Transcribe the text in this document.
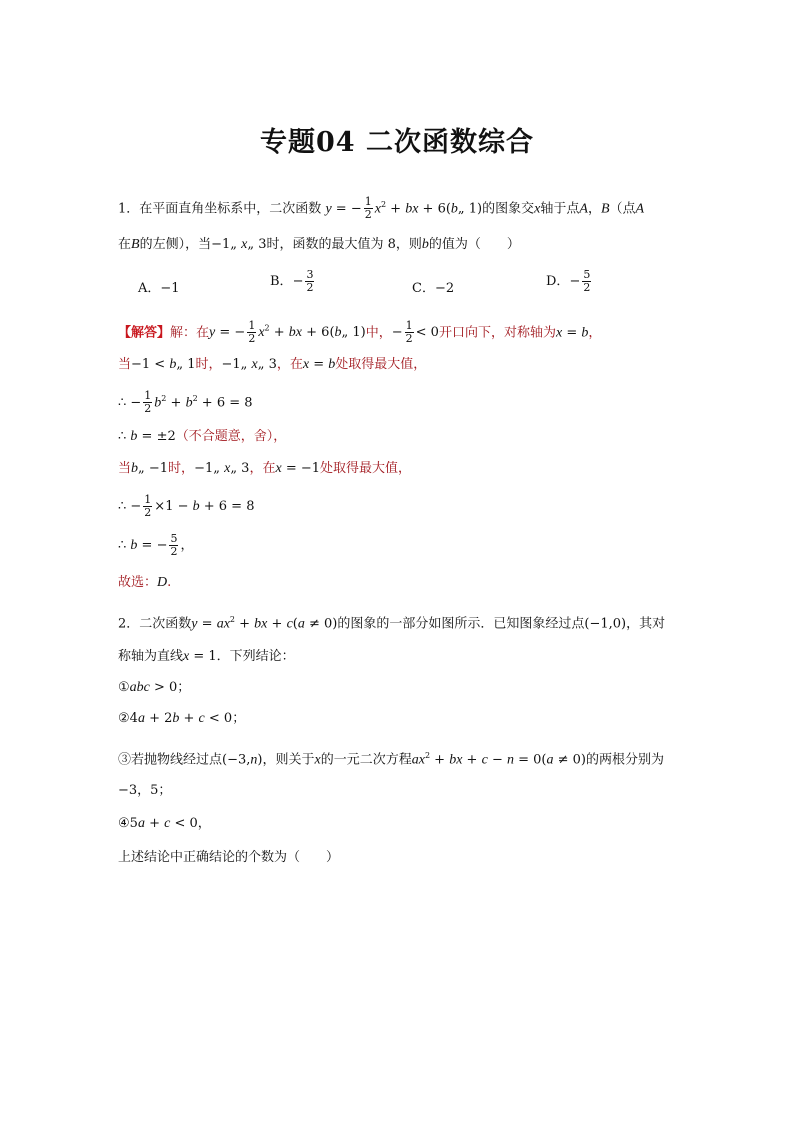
专题04 二次函数综合
1．在平面直角坐标系中，二次函数 y = − $\frac{1}{2} x^2$ + bx + 6(b„ 1)的图象交x轴于点A，B（点A
在B的左侧），当−1„ x„ 3时，函数的最大值为 8，则b的值为（　　）
A．−1	B．− $\frac{3}{2}$	C．−2	D．− $\frac{5}{2}$
【解答】解：在y = − $\frac{1}{2} x^2$ + bx + 6(b„ 1)中，− $\frac{1}{2} < 0$开口向下，对称轴为x = b，
当−1 < b„ 1时，−1„ x„ 3，在x = b处取得最大值，
∴ − $\frac{1}{2} b^2 + b^2 + 6 = 8$
∴ b = ±2（不合题意，舍），
当b„ −1时，−1„ x„ 3，在x = −1处取得最大值，
∴ − $\frac{1}{2} \times 1 - b + 6 = 8$
∴ b = − $\frac{5}{2}$ ，
故选：D.
2．二次函数$y = ax^2$ + bx + c(a ≠ 0)的图象的一部分如图所示．已知图象经过点(−1,0)，其对
称轴为直线x = 1．下列结论：
①abc > 0；
②4a + 2b + c < 0；
③若抛物线经过点(−3,n)，则关于x的一元二次方程$ax^2$ + bx + c − n = 0(a ≠ 0)的两根分别为
−3，5；
④5a + c < 0，
上述结论中正确结论的个数为（　　）
